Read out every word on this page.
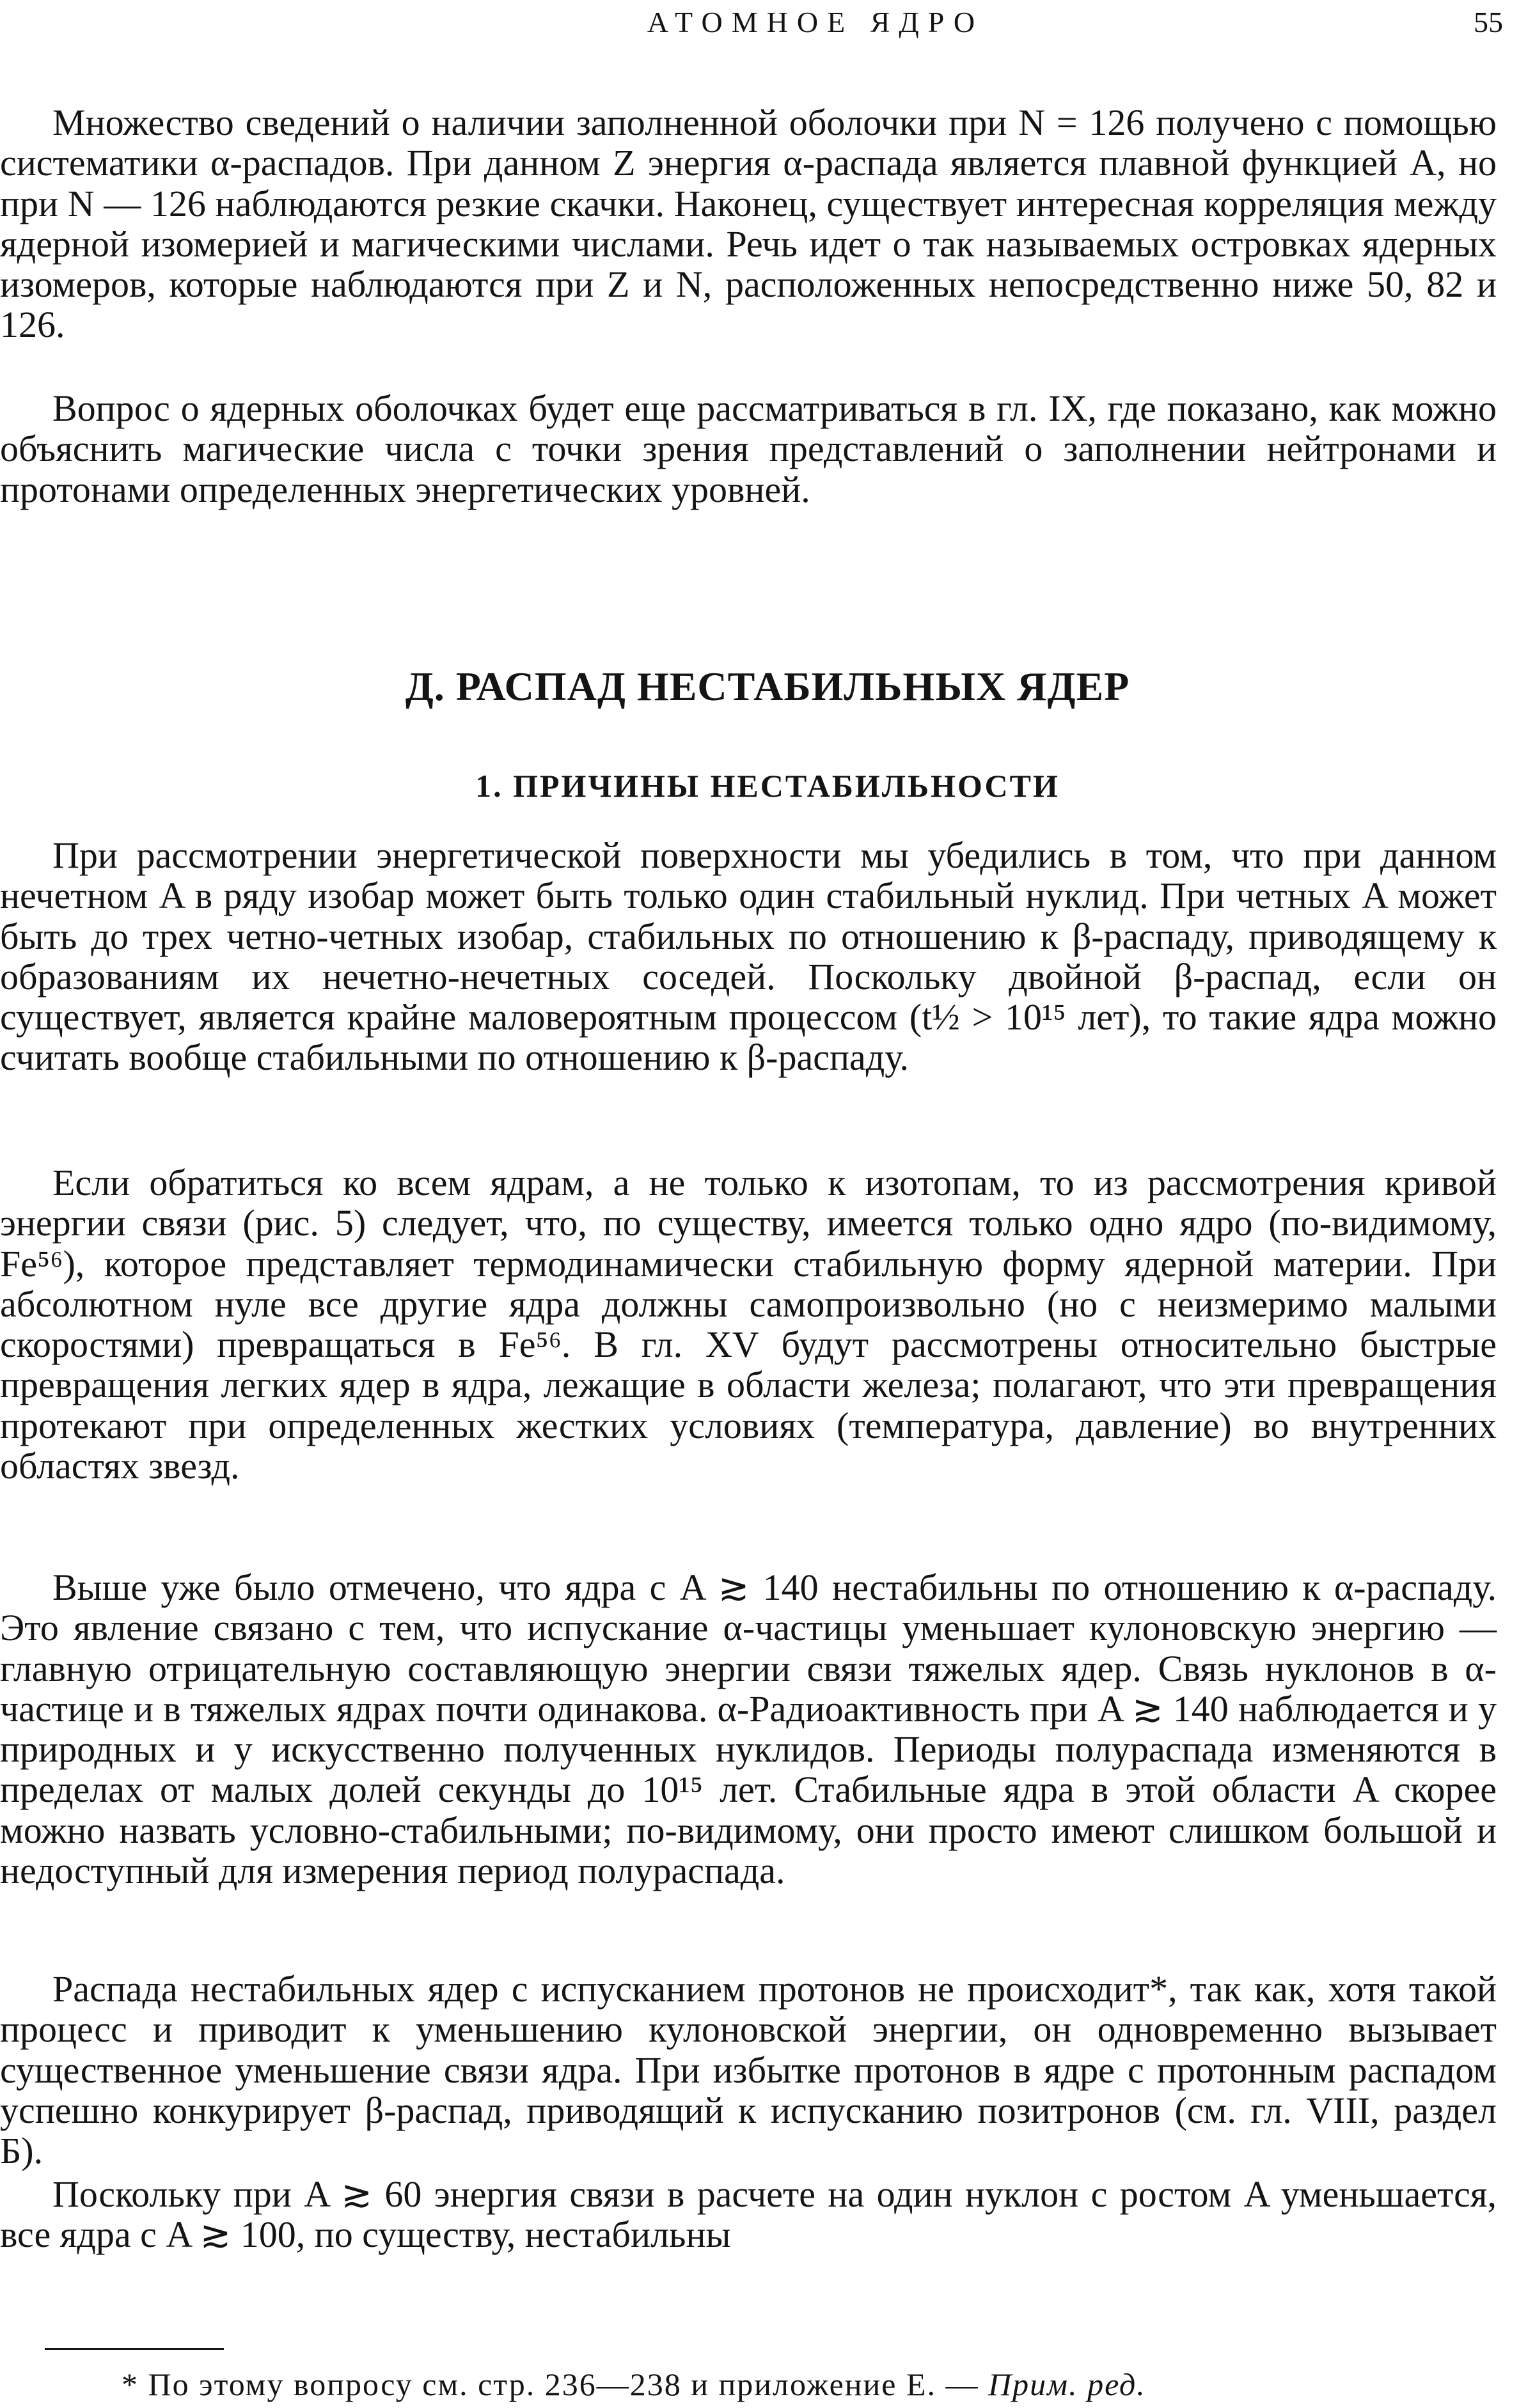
АТОМНОЕ ЯДРО	55

Множество сведений о наличии заполненной оболочки при N = 126 получено с помощью систематики α-распадов. При данном Z энергия α-распада является плавной функцией A, но при N — 126 наблюдаются резкие скачки. Наконец, существует интересная корреляция между ядерной изомерией и магическими числами. Речь идет о так называемых островках ядерных изомеров, которые наблюдаются при Z и N, расположенных непосредственно ниже 50, 82 и 126.

Вопрос о ядерных оболочках будет еще рассматриваться в гл. IX, где показано, как можно объяснить магические числа с точки зрения представлений о заполнении нейтронами и протонами определенных энергетических уровней.

Д. РАСПАД НЕСТАБИЛЬНЫХ ЯДЕР
1. ПРИЧИНЫ НЕСТАБИЛЬНОСТИ

При рассмотрении энергетической поверхности мы убедились в том, что при данном нечетном A в ряду изобар может быть только один стабильный нуклид. При четных A может быть до трех четно-четных изобар, стабильных по отношению к β-распаду, приводящему к образованиям их нечетно-нечетных соседей. Поскольку двойной β-распад, если он существует, является крайне маловероятным процессом (t½ > 10¹⁵ лет), то такие ядра можно считать вообще стабильными по отношению к β-распаду.

Если обратиться ко всем ядрам, а не только к изотопам, то из рассмотрения кривой энергии связи (рис. 5) следует, что, по существу, имеется только одно ядро (по-видимому, Fe⁵⁶), которое представляет термодинамически стабильную форму ядерной материи. При абсолютном нуле все другие ядра должны самопроизвольно (но с неизмеримо малыми скоростями) превращаться в Fe⁵⁶. В гл. XV будут рассмотрены относительно быстрые превращения легких ядер в ядра, лежащие в области железа; полагают, что эти превращения протекают при определенных жестких условиях (температура, давление) во внутренних областях звезд.

Выше уже было отмечено, что ядра с A ≳ 140 нестабильны по отношению к α-распаду. Это явление связано с тем, что испускание α-частицы уменьшает кулоновскую энергию — главную отрицательную составляющую энергии связи тяжелых ядер. Связь нуклонов в α-частице и в тяжелых ядрах почти одинакова. α-Радиоактивность при A ≳ 140 наблюдается и у природных и у искусственно полученных нуклидов. Периоды полураспада изменяются в пределах от малых долей секунды до 10¹⁵ лет. Стабильные ядра в этой области A скорее можно назвать условно-стабильными; по-видимому, они просто имеют слишком большой и недоступный для измерения период полураспада.

Распада нестабильных ядер с испусканием протонов не происходит*, так как, хотя такой процесс и приводит к уменьшению кулоновской энергии, он одновременно вызывает существенное уменьшение связи ядра. При избытке протонов в ядре с протонным распадом успешно конкурирует β-распад, приводящий к испусканию позитронов (см. гл. VIII, раздел Б).

Поскольку при A ≳ 60 энергия связи в расчете на один нуклон с ростом A уменьшается, все ядра с A ≳ 100, по существу, нестабильны

* По этому вопросу см. стр. 236—238 и приложение Е. — Прим. ред.
